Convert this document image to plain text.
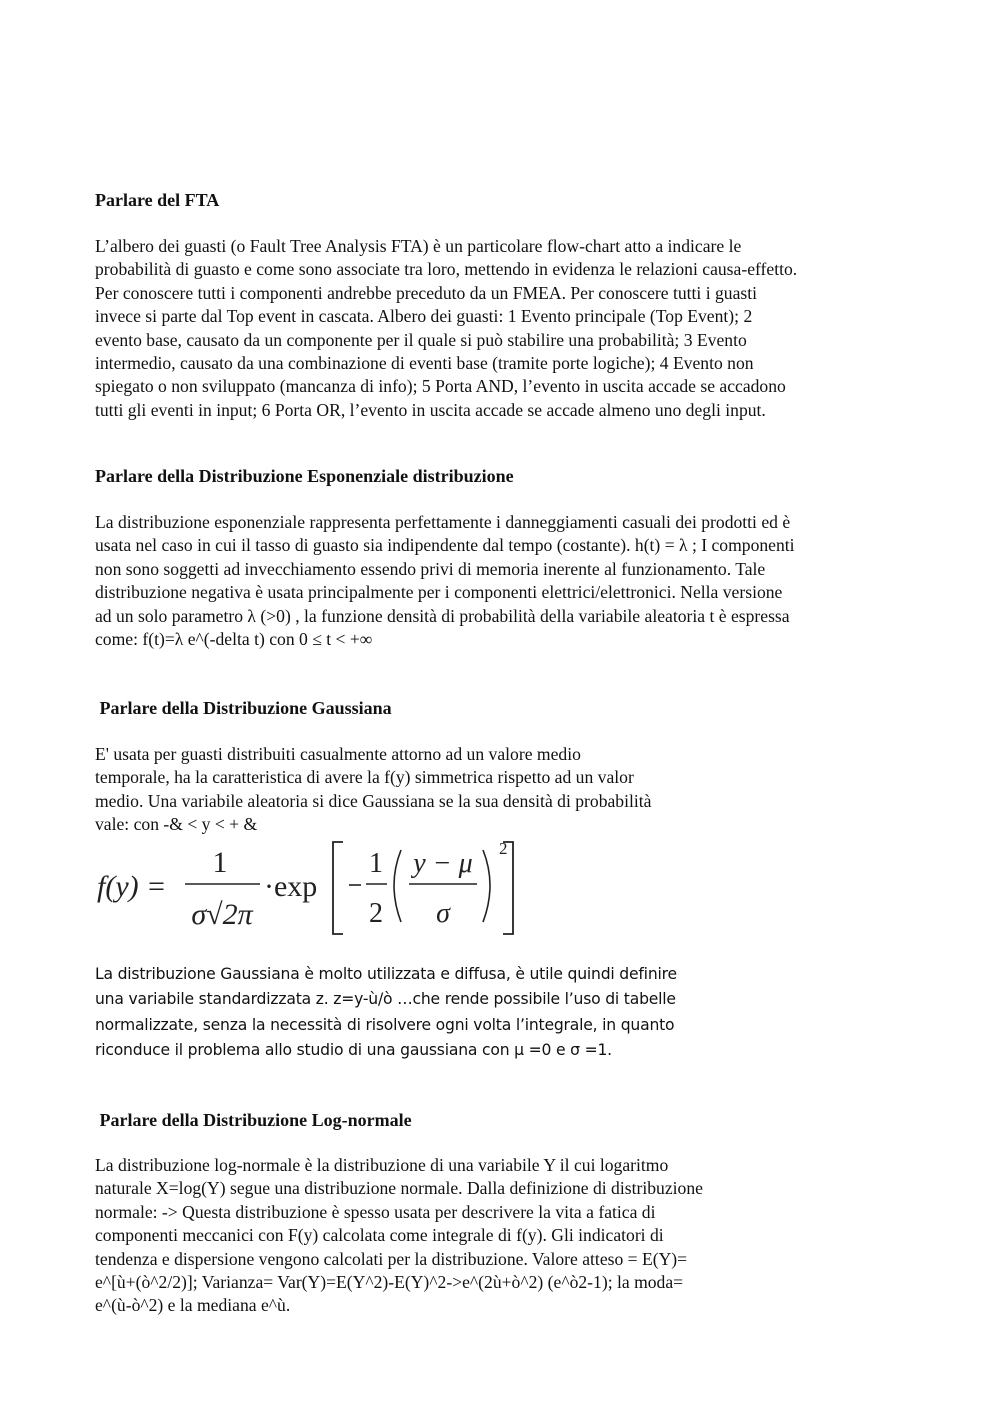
Parlare del FTA
L’albero dei guasti (o Fault Tree Analysis FTA) è un particolare flow-chart atto a indicare le
probabilità di guasto e come sono associate tra loro, mettendo in evidenza le relazioni causa-effetto.
Per conoscere tutti i componenti andrebbe preceduto da un FMEA. Per conoscere tutti i guasti
invece si parte dal Top event in cascata. Albero dei guasti: 1 Evento principale (Top Event); 2
evento base, causato da un componente per il quale si può stabilire una probabilità; 3 Evento
intermedio, causato da una combinazione di eventi base (tramite porte logiche); 4 Evento non
spiegato o non sviluppato (mancanza di info); 5 Porta AND, l’evento in uscita accade se accadono
tutti gli eventi in input; 6 Porta OR, l’evento in uscita accade se accade almeno uno degli input.
Parlare della Distribuzione Esponenziale distribuzione
La distribuzione esponenziale rappresenta perfettamente i danneggiamenti casuali dei prodotti ed è
usata nel caso in cui il tasso di guasto sia indipendente dal tempo (costante). h(t) = λ ; I componenti
non sono soggetti ad invecchiamento essendo privi di memoria inerente al funzionamento. Tale
distribuzione negativa è usata principalmente per i componenti elettrici/elettronici. Nella versione
ad un solo parametro λ (>0) , la funzione densità di probabilità della variabile aleatoria t è espressa
come: f(t)=λ e^(-delta t) con 0 ≤ t < +∞
Parlare della Distribuzione Gaussiana
E' usata per guasti distribuiti casualmente attorno ad un valore medio
temporale, ha la caratteristica di avere la f(y) simmetrica rispetto ad un valor
medio. Una variabile aleatoria si dice Gaussiana se la sua densità di probabilità
vale: con -& < y < + &
f(y) =
1
σ√2π
·exp
1
2
y − μ
σ
2
La distribuzione Gaussiana è molto utilizzata e diffusa, è utile quindi definire
una variabile standardizzata z. z=y-ù/ò …che rende possibile l’uso di tabelle
normalizzate, senza la necessità di risolvere ogni volta l’integrale, in quanto
riconduce il problema allo studio di una gaussiana con μ =0 e σ =1.
Parlare della Distribuzione Log-normale
La distribuzione log-normale è la distribuzione di una variabile Y il cui logaritmo
naturale X=log(Y) segue una distribuzione normale. Dalla definizione di distribuzione
normale: -> Questa distribuzione è spesso usata per descrivere la vita a fatica di
componenti meccanici con F(y) calcolata come integrale di f(y). Gli indicatori di
tendenza e dispersione vengono calcolati per la distribuzione. Valore atteso = E(Y)=
e^[ù+(ò^2/2)]; Varianza= Var(Y)=E(Y^2)-E(Y)^2->e^(2ù+ò^2) (e^ò2-1); la moda=
e^(ù-ò^2) e la mediana e^ù.
